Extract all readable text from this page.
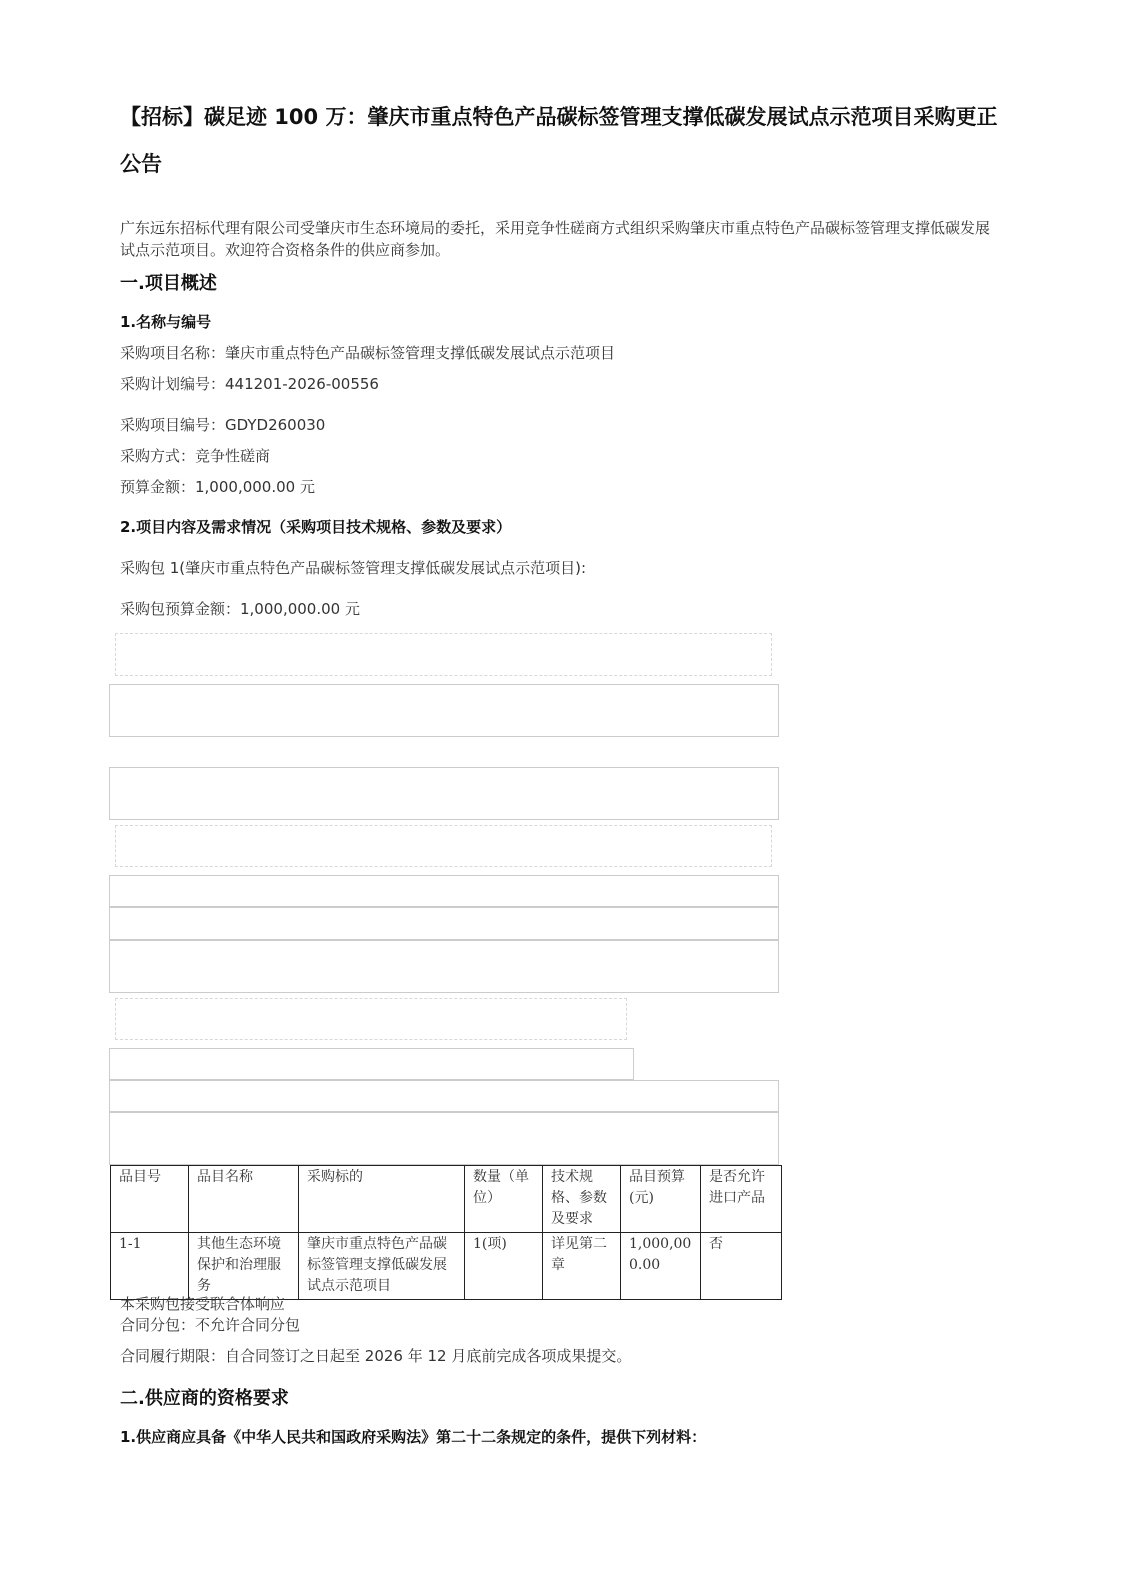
【招标】碳足迹 100 万：肇庆市重点特色产品碳标签管理支撑低碳发展试点示范项目采购更正公告
广东远东招标代理有限公司受肇庆市生态环境局的委托，采用竞争性磋商方式组织采购肇庆市重点特色产品碳标签管理支撑低碳发展试点示范项目。欢迎符合资格条件的供应商参加。
一.项目概述
1.名称与编号
采购项目名称：肇庆市重点特色产品碳标签管理支撑低碳发展试点示范项目
采购计划编号：441201-2026-00556
采购项目编号：GDYD260030
采购方式：竞争性磋商
预算金额：1,000,000.00 元
2.项目内容及需求情况（采购项目技术规格、参数及要求）
采购包 1(肇庆市重点特色产品碳标签管理支撑低碳发展试点示范项目):
采购包预算金额：1,000,000.00 元
品目号	品目名称	采购标的	数量（单位）	技术规格、参数及要求	品目预算(元)	是否允许进口产品
1-1	其他生态环境保护和治理服务	肇庆市重点特色产品碳标签管理支撑低碳发展试点示范项目	1(项)	详见第二章	1,000,000.00	否
本采购包接受联合体响应
合同分包：不允许合同分包
合同履行期限：自合同签订之日起至 2026 年 12 月底前完成各项成果提交。
二.供应商的资格要求
1.供应商应具备《中华人民共和国政府采购法》第二十二条规定的条件，提供下列材料：
